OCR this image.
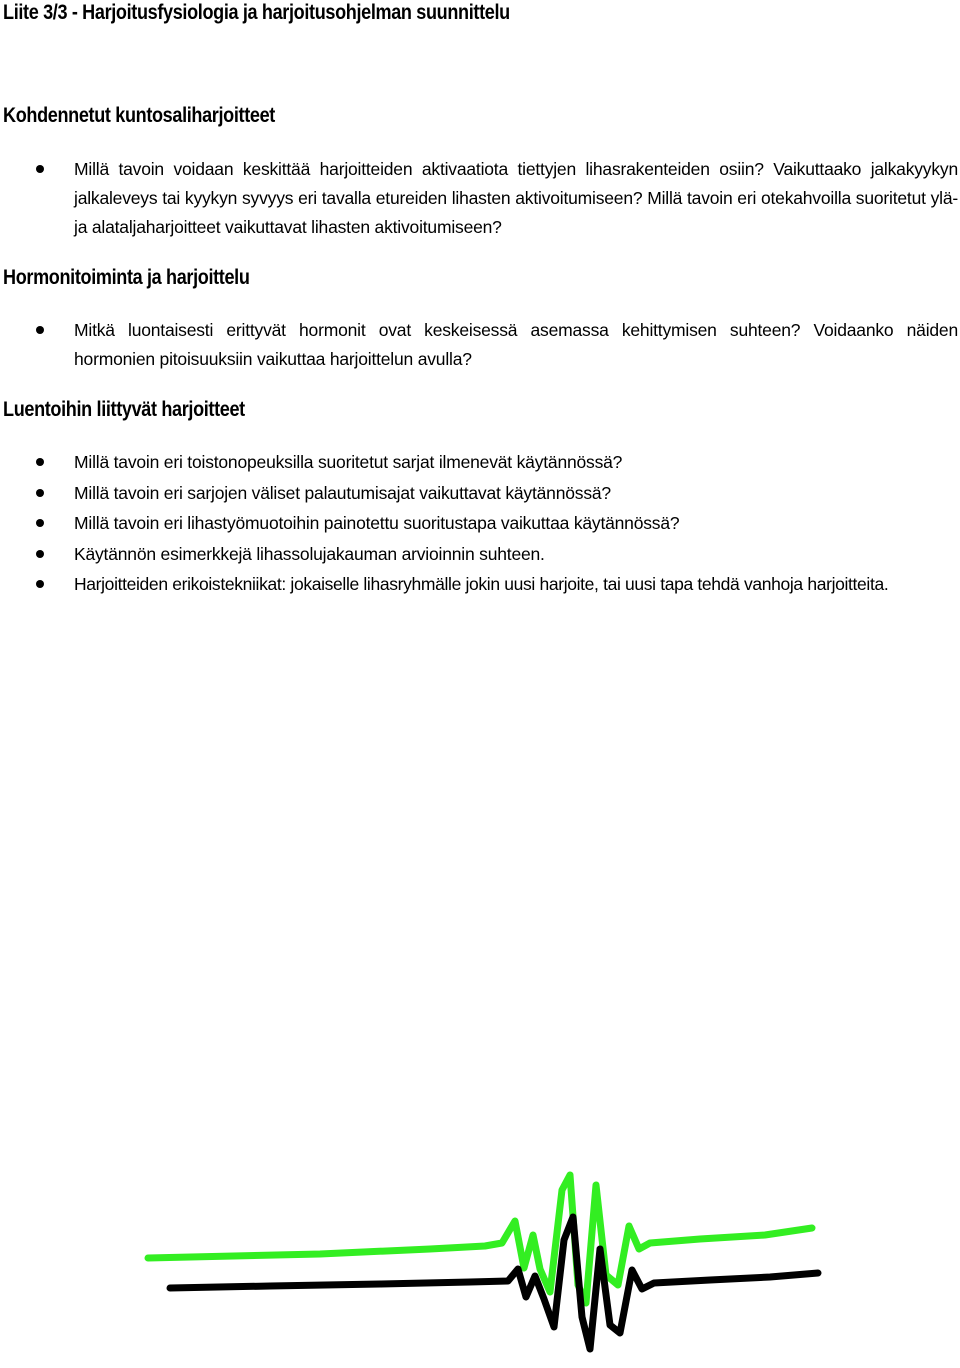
Liite 3/3 - Harjoitusfysiologia ja harjoitusohjelman suunnittelu
Kohdennetut kuntosaliharjoitteet
Millä tavoin voidaan keskittää harjoitteiden aktivaatiota tiettyjen lihasrakenteiden osiin? Vaikuttaako jalkakyykyn jalkaleveys tai kyykyn syvyys eri tavalla etureiden lihasten aktivoitumiseen? Millä tavoin eri otekahvoilla suoritetut ylä- ja alataljaharjoitteet vaikuttavat lihasten aktivoitumiseen?
Hormonitoiminta ja harjoittelu
Mitkä luontaisesti erittyvät hormonit ovat keskeisessä asemassa kehittymisen suhteen? Voidaanko näiden hormonien pitoisuuksiin vaikuttaa harjoittelun avulla?
Luentoihin liittyvät harjoitteet
Millä tavoin eri toistonopeuksilla suoritetut sarjat ilmenevät käytännössä?
Millä tavoin eri sarjojen väliset palautumisajat vaikuttavat käytännössä?
Millä tavoin eri lihastyömuotoihin painotettu suoritustapa vaikuttaa käytännössä?
Käytännön esimerkkejä lihassolujakauman arvioinnin suhteen.
Harjoitteiden erikoistekniikat: jokaiselle lihasryhmälle jokin uusi harjoite, tai uusi tapa tehdä vanhoja harjoitteita.
